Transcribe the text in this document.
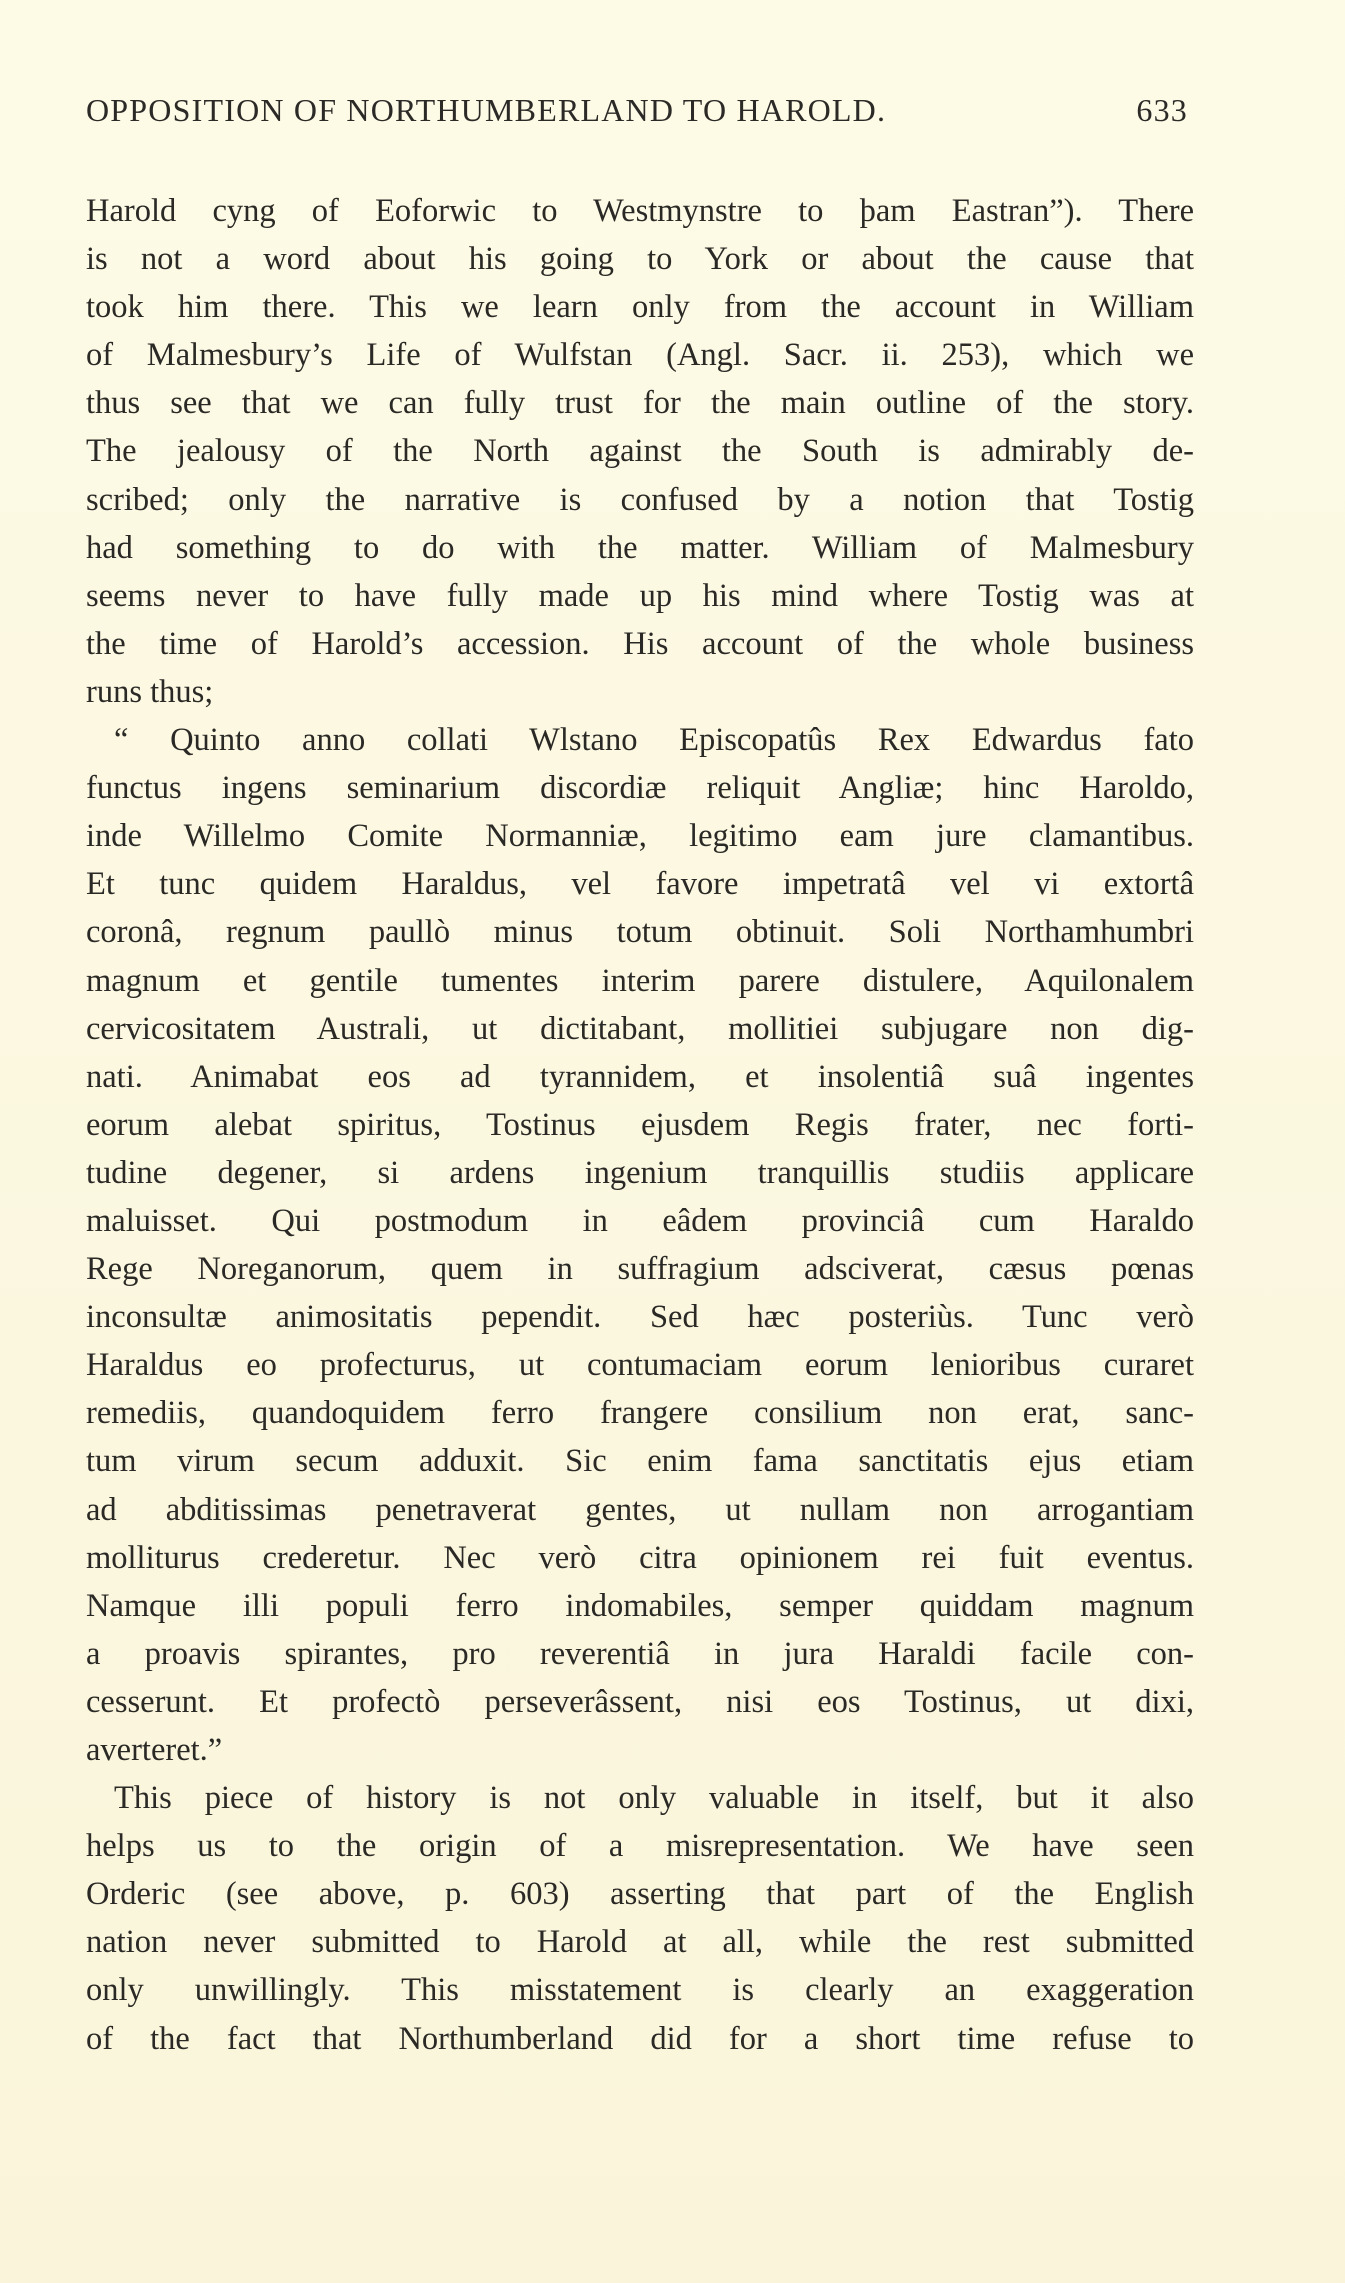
OPPOSITION OF NORTHUMBERLAND TO HAROLD.	633
Harold cyng of Eoforwic to Westmynstre to þam Eastran”). There
is not a word about his going to York or about the cause that
took him there. This we learn only from the account in William
of Malmesbury’s Life of Wulfstan (Angl. Sacr. ii. 253), which we
thus see that we can fully trust for the main outline of the story.
The jealousy of the North against the South is admirably de-
scribed; only the narrative is confused by a notion that Tostig
had something to do with the matter. William of Malmesbury
seems never to have fully made up his mind where Tostig was at
the time of Harold’s accession. His account of the whole business
runs thus;
“ Quinto anno collati Wlstano Episcopatûs Rex Edwardus fato
functus ingens seminarium discordiæ reliquit Angliæ; hinc Haroldo,
inde Willelmo Comite Normanniæ, legitimo eam jure clamantibus.
Et tunc quidem Haraldus, vel favore impetratâ vel vi extortâ
coronâ, regnum paullò minus totum obtinuit. Soli Northamhumbri
magnum et gentile tumentes interim parere distulere, Aquilonalem
cervicositatem Australi, ut dictitabant, mollitiei subjugare non dig-
nati. Animabat eos ad tyrannidem, et insolentiâ suâ ingentes
eorum alebat spiritus, Tostinus ejusdem Regis frater, nec forti-
tudine degener, si ardens ingenium tranquillis studiis applicare
maluisset. Qui postmodum in eâdem provinciâ cum Haraldo
Rege Noreganorum, quem in suffragium adsciverat, cæsus pœnas
inconsultæ animositatis pependit. Sed hæc posteriùs. Tunc verò
Haraldus eo profecturus, ut contumaciam eorum lenioribus curaret
remediis, quandoquidem ferro frangere consilium non erat, sanc-
tum virum secum adduxit. Sic enim fama sanctitatis ejus etiam
ad abditissimas penetraverat gentes, ut nullam non arrogantiam
molliturus crederetur. Nec verò citra opinionem rei fuit eventus.
Namque illi populi ferro indomabiles, semper quiddam magnum
a proavis spirantes, pro reverentiâ in jura Haraldi facile con-
cesserunt. Et profectò perseverâssent, nisi eos Tostinus, ut dixi,
averteret.”
This piece of history is not only valuable in itself, but it also
helps us to the origin of a misrepresentation. We have seen
Orderic (see above, p. 603) asserting that part of the English
nation never submitted to Harold at all, while the rest submitted
only unwillingly. This misstatement is clearly an exaggeration
of the fact that Northumberland did for a short time refuse to
